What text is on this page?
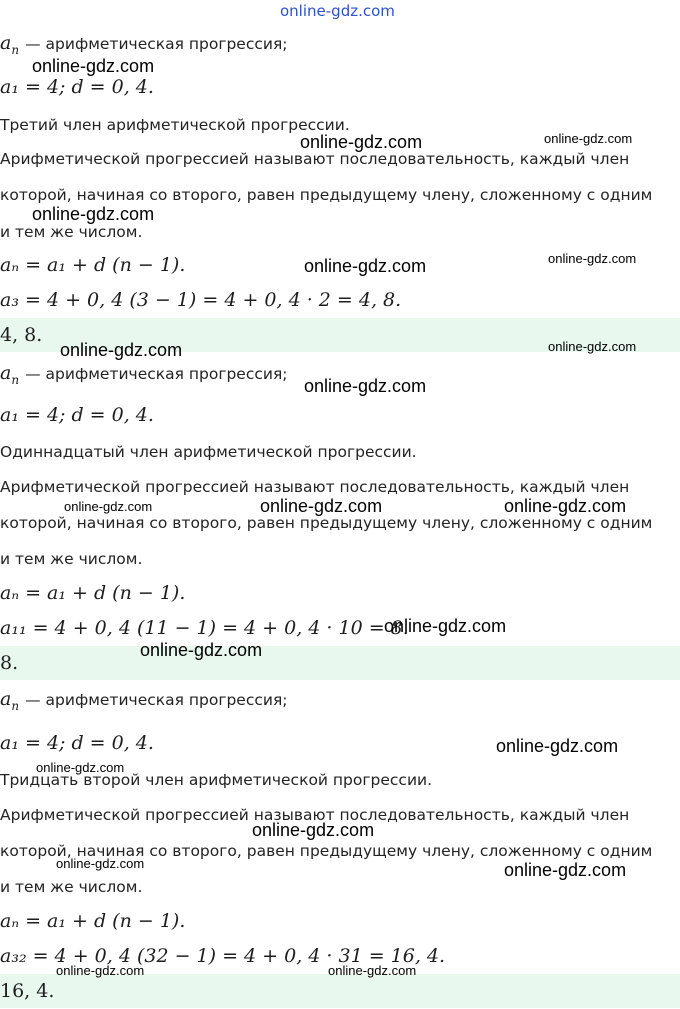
online-gdz.com
$a_n$ — арифметическая прогрессия;
a₁ = 4; d = 0, 4.
Третий член арифметической прогрессии.
Арифметической прогрессией называют последовательность, каждый член
которой, начиная со второго, равен предыдущему члену, сложенному с одним
и тем же числом.
aₙ = a₁ + d (n − 1).
a₃ = 4 + 0, 4 (3 − 1) = 4 + 0, 4 · 2 = 4, 8.
4, 8.
$a_n$ — арифметическая прогрессия;
a₁ = 4; d = 0, 4.
Одиннадцатый член арифметической прогрессии.
Арифметической прогрессией называют последовательность, каждый член
которой, начиная со второго, равен предыдущему члену, сложенному с одним
и тем же числом.
aₙ = a₁ + d (n − 1).
a₁₁ = 4 + 0, 4 (11 − 1) = 4 + 0, 4 · 10 = 8.
8.
$a_n$ — арифметическая прогрессия;
a₁ = 4; d = 0, 4.
Тридцать второй член арифметической прогрессии.
Арифметической прогрессией называют последовательность, каждый член
которой, начиная со второго, равен предыдущему члену, сложенному с одним
и тем же числом.
aₙ = a₁ + d (n − 1).
a₃₂ = 4 + 0, 4 (32 − 1) = 4 + 0, 4 · 31 = 16, 4.
16, 4.
online-gdz.com
online-gdz.com	online-gdz.com
online-gdz.com
online-gdz.com	online-gdz.com
online-gdz.com	online-gdz.com
online-gdz.com
online-gdz.com	online-gdz.com	online-gdz.com
online-gdz.com
online-gdz.com
online-gdz.com
online-gdz.com
online-gdz.com
online-gdz.com	online-gdz.com
online-gdz.com	online-gdz.com
